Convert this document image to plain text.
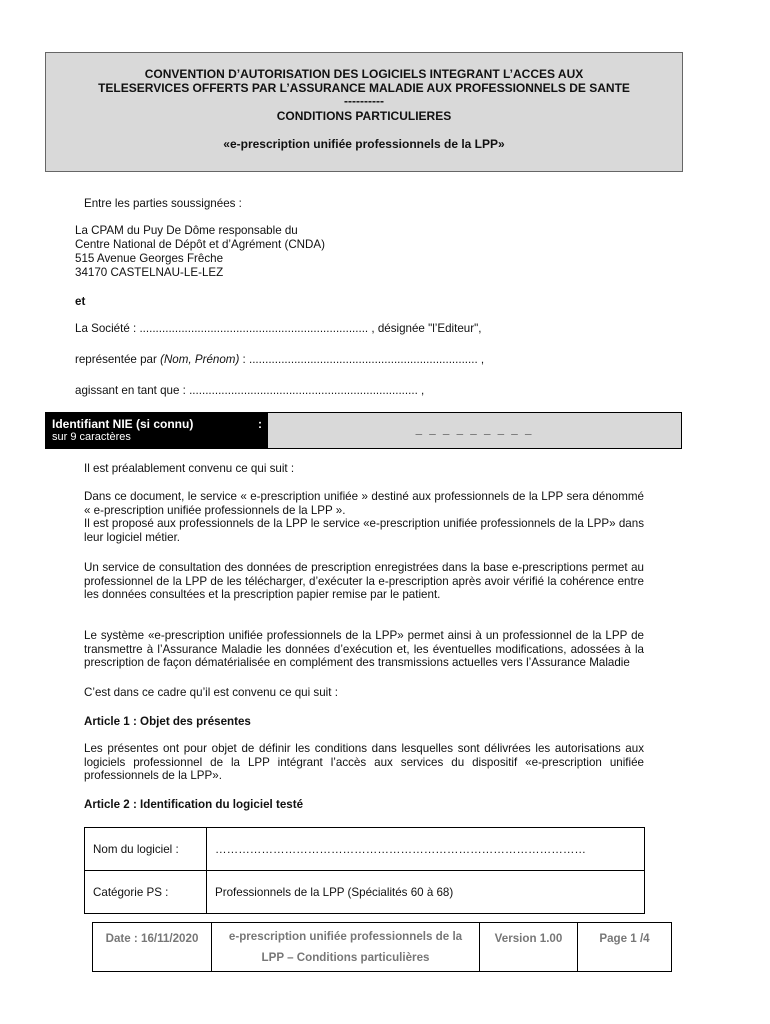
CONVENTION D’AUTORISATION DES LOGICIELS INTEGRANT L’ACCES AUX
TELESERVICES OFFERTS PAR L’ASSURANCE MALADIE AUX PROFESSIONNELS DE SANTE
----------
CONDITIONS PARTICULIERES
«e-prescription unifiée professionnels de la LPP»
Entre les parties soussignées :
La CPAM du Puy De Dôme responsable du
Centre National de Dépôt et d’Agrément (CNDA)
515 Avenue Georges Frêche
34170 CASTELNAU-LE-LEZ
et
La Société : ....................................................................... , désignée "l’Editeur",
représentée par (Nom, Prénom) : ....................................................................... ,
agissant en tant que : ....................................................................... ,
Identifiant NIE (si connu)	:
sur 9 caractères
_ _ _ _ _ _ _ _ _
Il est préalablement convenu ce qui suit :
Dans ce document, le service « e-prescription unifiée » destiné aux professionnels de la LPP sera dénommé « e-prescription unifiée professionnels de la LPP ».
Il est proposé aux professionnels de la LPP le service «e-prescription unifiée professionnels de la LPP» dans leur logiciel métier.
Un service de consultation des données de prescription enregistrées dans la base e-prescriptions permet au professionnel de la LPP de les télécharger, d’exécuter la e-prescription après avoir vérifié la cohérence entre les données consultées et la prescription papier remise par le patient.
Le système «e-prescription unifiée professionnels de la LPP» permet ainsi à un professionnel de la LPP de transmettre à l’Assurance Maladie les données d’exécution et, les éventuelles modifications, adossées à la prescription de façon dématérialisée en complément des transmissions actuelles vers l’Assurance Maladie
C’est dans ce cadre qu’il est convenu ce qui suit :
Article 1 : Objet des présentes
Les présentes ont pour objet de définir les conditions dans lesquelles sont délivrées les autorisations aux logiciels professionnel de la LPP intégrant l’accès aux services du dispositif «e-prescription unifiée professionnels de la LPP».
Article 2 : Identification du logiciel testé
Nom du logiciel :	……………………………………………………………………………………
Catégorie PS :	Professionnels de la LPP (Spécialités 60 à 68)
Date : 16/11/2020	e-prescription unifiée professionnels de la
LPP – Conditions particulières	Version 1.00	Page 1 /4
